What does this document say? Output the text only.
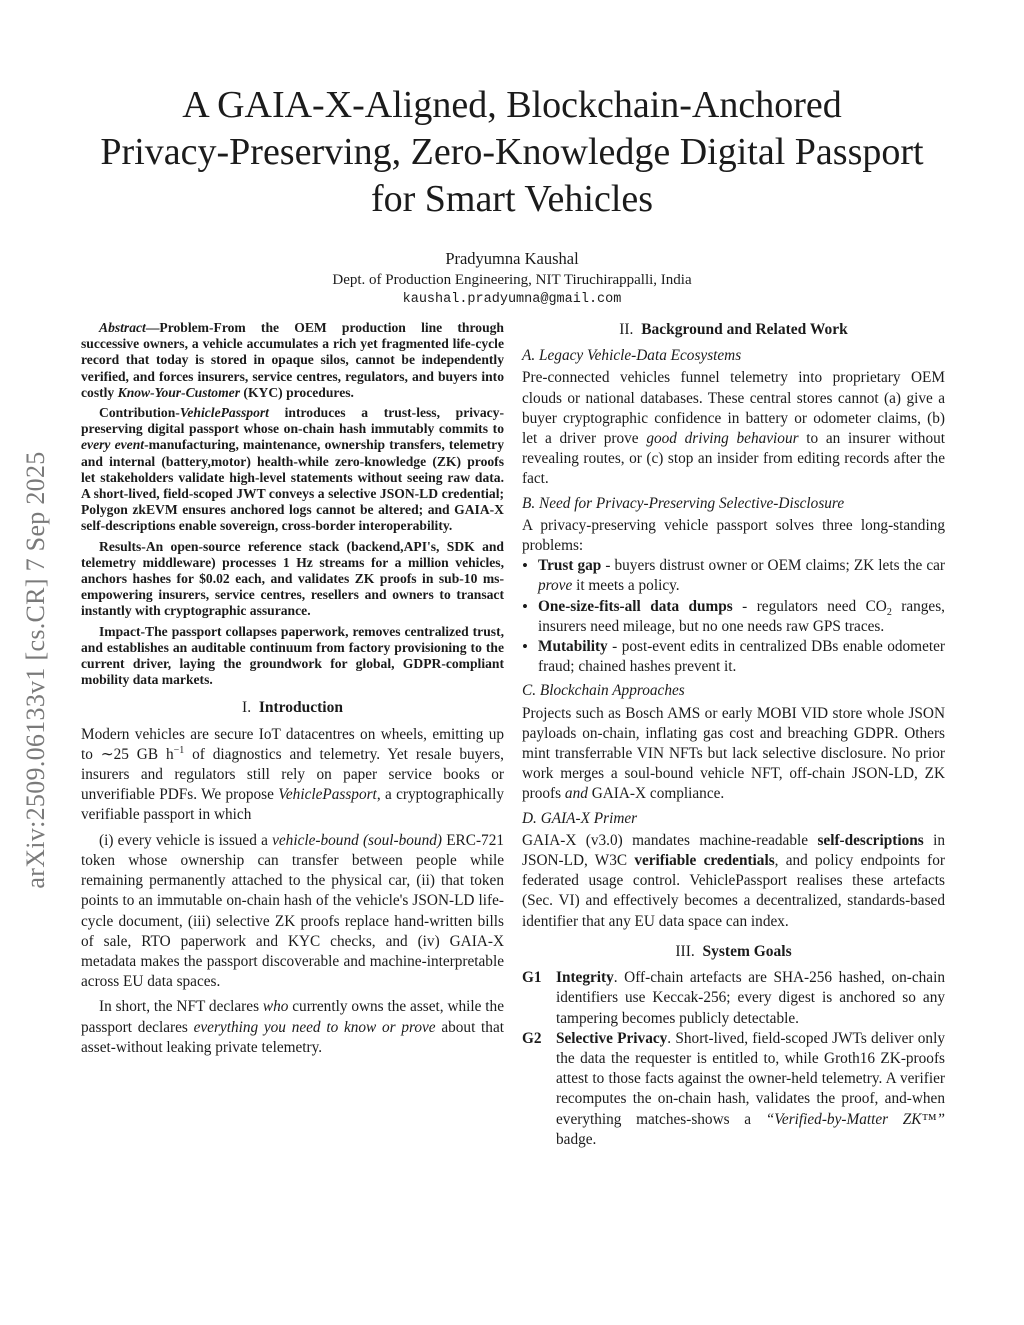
arXiv:2509.06133v1 [cs.CR] 7 Sep 2025
A GAIA-X-Aligned, Blockchain-Anchored
Privacy-Preserving, Zero-Knowledge Digital Passport
for Smart Vehicles
Pradyumna Kaushal
Dept. of Production Engineering, NIT Tiruchirappalli, India
kaushal.pradyumna@gmail.com

Abstract—Problem-From the OEM production line through successive owners, a vehicle accumulates a rich yet fragmented life-cycle record that today is stored in opaque silos, cannot be independently verified, and forces insurers, service centres, regulators, and buyers into costly Know-Your-Customer (KYC) procedures.

Contribution-VehiclePassport introduces a trust-less, privacy-preserving digital passport whose on-chain hash immutably commits to every event-manufacturing, maintenance, ownership transfers, telemetry and internal (battery,motor) health-while zero-knowledge (ZK) proofs let stakeholders validate high-level statements without seeing raw data. A short-lived, field-scoped JWT conveys a selective JSON-LD credential; Polygon zkEVM ensures anchored logs cannot be altered; and GAIA-X self-descriptions enable sovereign, cross-border interoperability.

Results-An open-source reference stack (backend,API's, SDK and telemetry middleware) processes 1 Hz streams for a million vehicles, anchors hashes for $0.02 each, and validates ZK proofs in sub-10 ms-empowering insurers, service centres, resellers and owners to transact instantly with cryptographic assurance.

Impact-The passport collapses paperwork, removes centralized trust, and establishes an auditable continuum from factory provisioning to the current driver, laying the groundwork for global, GDPR-compliant mobility data markets.

I. Introduction

Modern vehicles are secure IoT datacentres on wheels, emitting up to ∼25 GB $h^{-1}$ of diagnostics and telemetry. Yet resale buyers, insurers and regulators still rely on paper service books or unverifiable PDFs. We propose VehiclePassport, a cryptographically verifiable passport in which

(i) every vehicle is issued a vehicle-bound (soul-bound) ERC-721 token whose ownership can transfer between people while remaining permanently attached to the physical car, (ii) that token points to an immutable on-chain hash of the vehicle's JSON-LD life-cycle document, (iii) selective ZK proofs replace hand-written bills of sale, RTO paperwork and KYC checks, and (iv) GAIA-X metadata makes the passport discoverable and machine-interpretable across EU data spaces.

In short, the NFT declares who currently owns the asset, while the passport declares everything you need to know or prove about that asset-without leaking private telemetry.

II. Background and Related Work
A. Legacy Vehicle-Data Ecosystems

Pre-connected vehicles funnel telemetry into proprietary OEM clouds or national databases. These central stores cannot (a) give a buyer cryptographic confidence in battery or odometer claims, (b) let a driver prove good driving behaviour to an insurer without revealing routes, or (c) stop an insider from editing records after the fact.

B. Need for Privacy-Preserving Selective-Disclosure

A privacy-preserving vehicle passport solves three long-standing problems:

• Trust gap - buyers distrust owner or OEM claims; ZK lets the car prove it meets a policy.
• One-size-fits-all data dumps - regulators need $CO_2$ ranges, insurers need mileage, but no one needs raw GPS traces.
• Mutability - post-event edits in centralized DBs enable odometer fraud; chained hashes prevent it.
C. Blockchain Approaches

Projects such as Bosch AMS or early MOBI VID store whole JSON payloads on-chain, inflating gas cost and breaching GDPR. Others mint transferrable VIN NFTs but lack selective disclosure. No prior work merges a soul-bound vehicle NFT, off-chain JSON-LD, ZK proofs and GAIA-X compliance.

D. GAIA-X Primer

GAIA-X (v3.0) mandates machine-readable self-descriptions in JSON-LD, W3C verifiable credentials, and policy endpoints for federated usage control. VehiclePassport realises these artefacts (Sec. VI) and effectively becomes a decentralized, standards-based identifier that any EU data space can index.

III. System Goals
G1 Integrity. Off-chain artefacts are SHA-256 hashed, on-chain identifiers use Keccak-256; every digest is anchored so any tampering becomes publicly detectable.
G2 Selective Privacy. Short-lived, field-scoped JWTs deliver only the data the requester is entitled to, while Groth16 ZK-proofs attest to those facts against the owner-held telemetry. A verifier recomputes the on-chain hash, validates the proof, and-when everything matches-shows a “Verified-by-Matter ZK™” badge.
